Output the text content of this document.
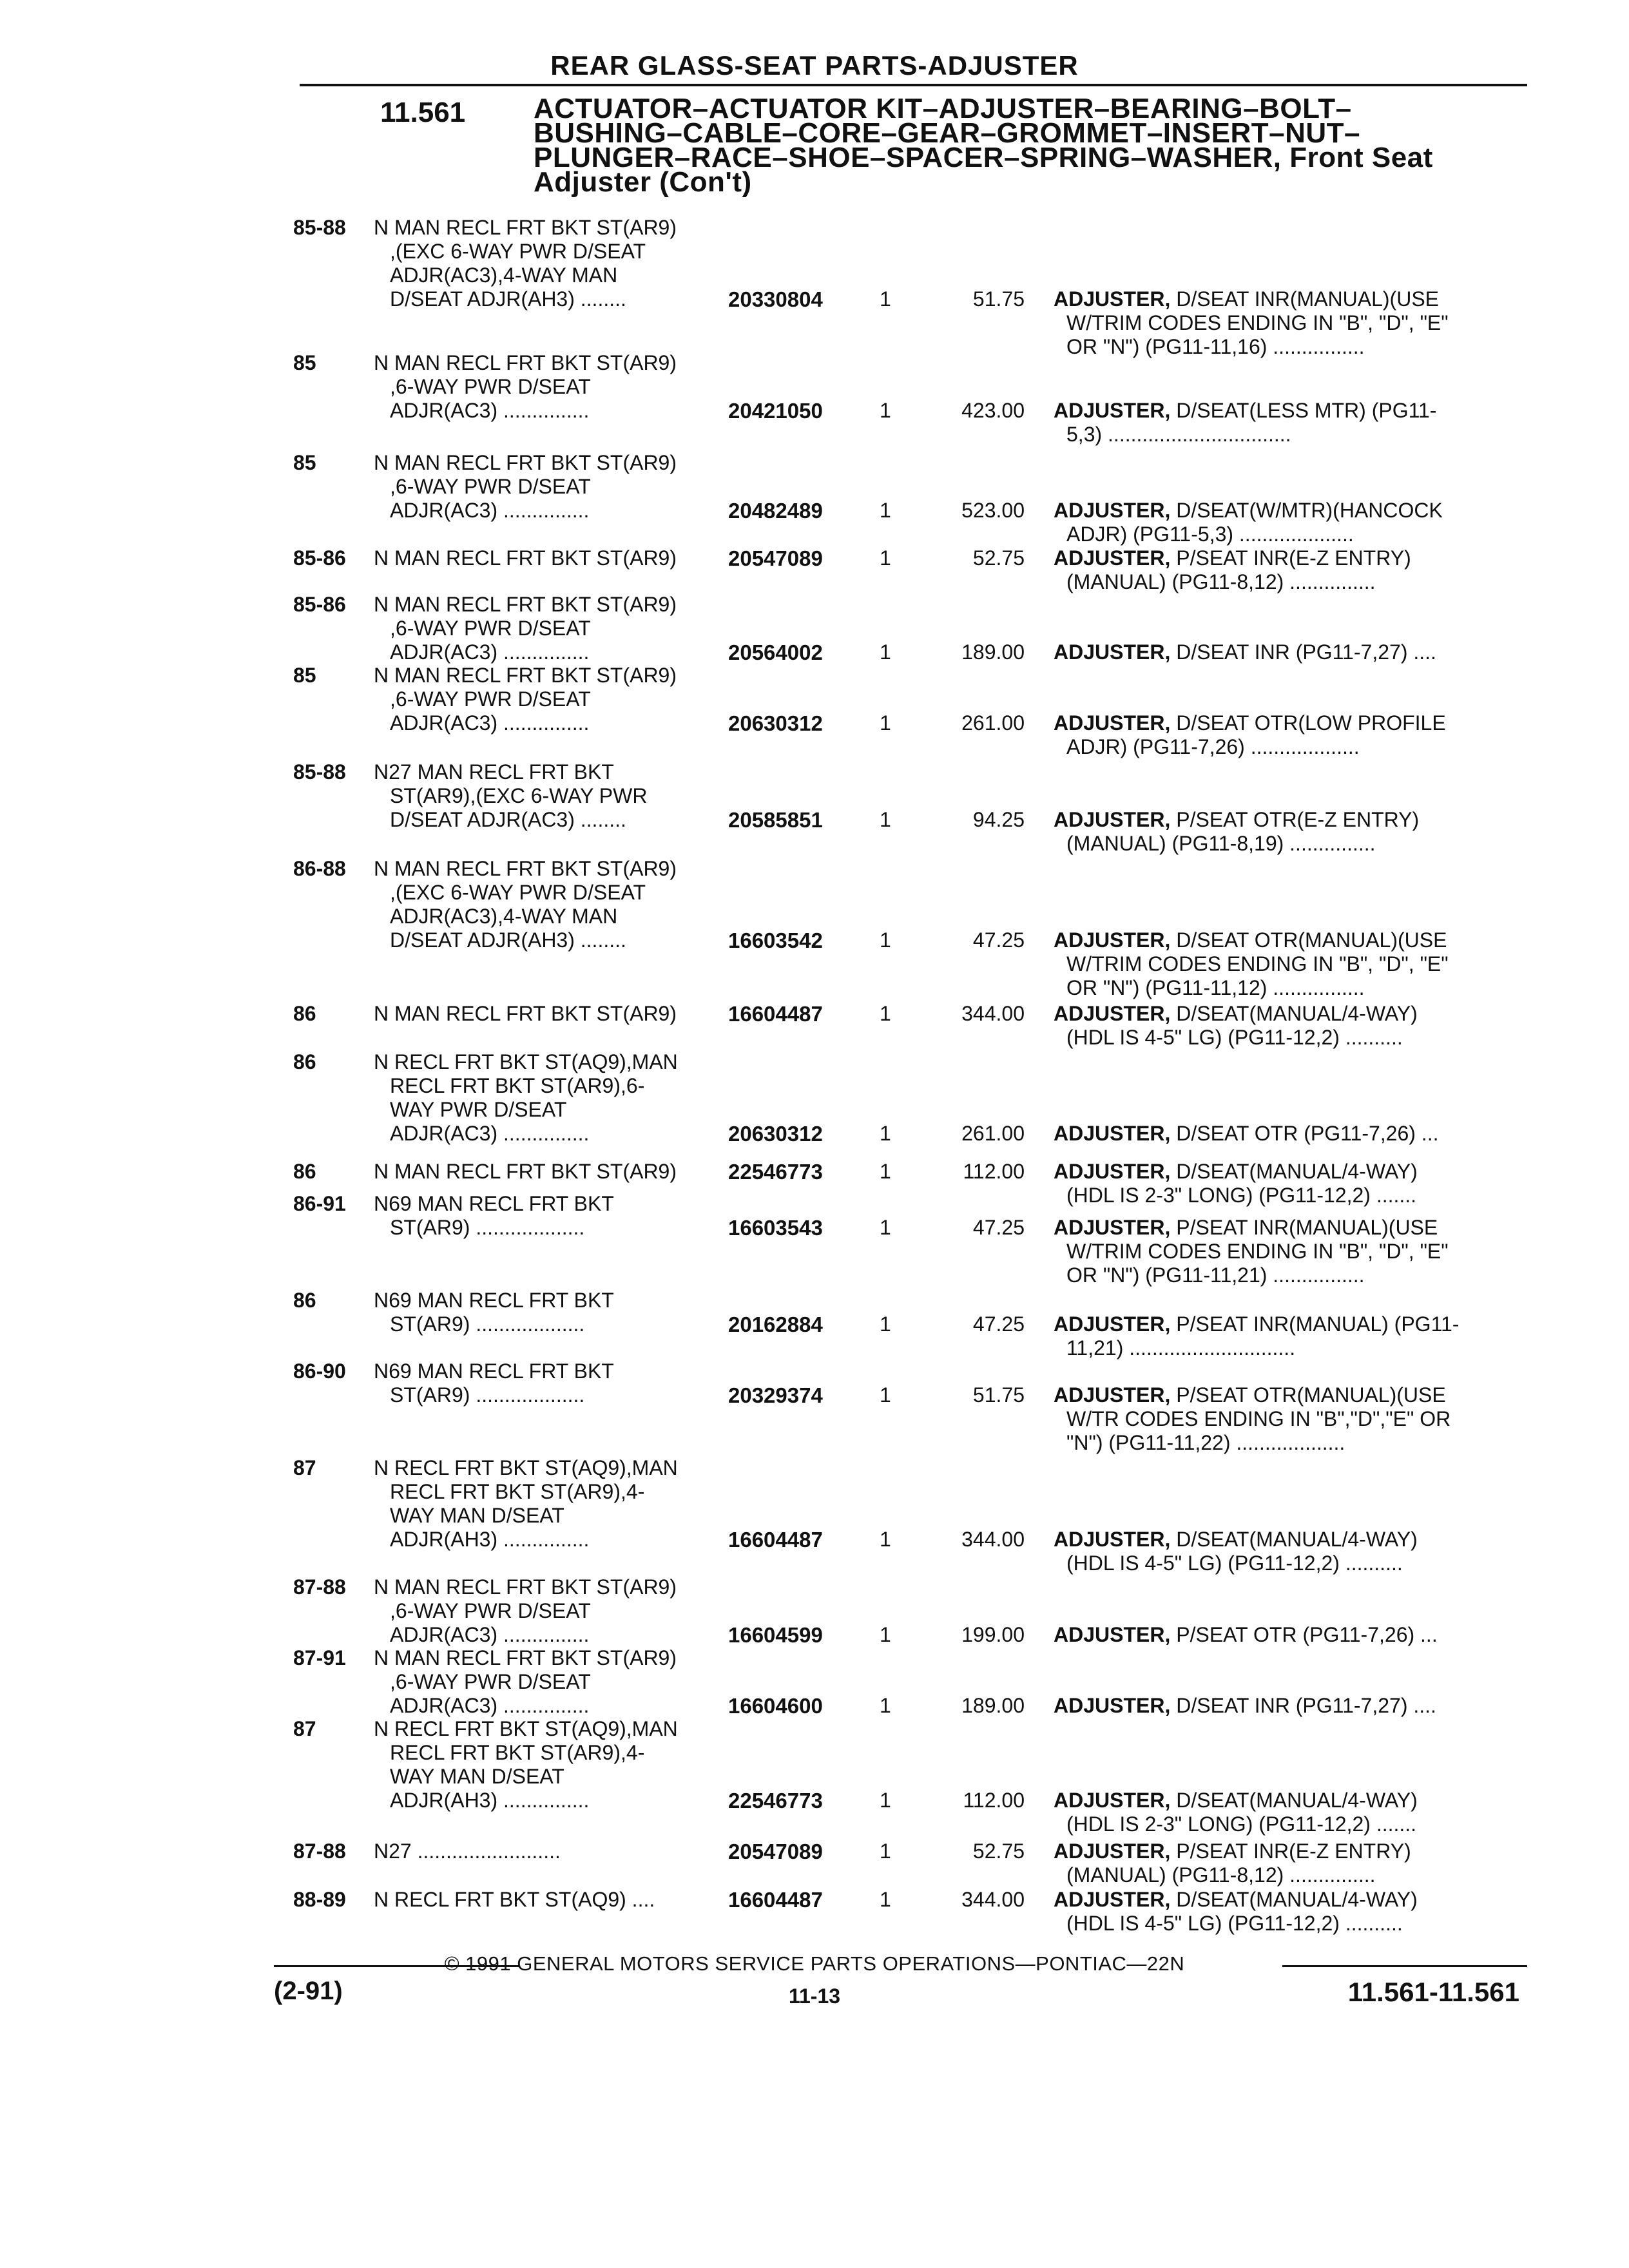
REAR GLASS-SEAT PARTS-ADJUSTER
11.561 ACTUATOR–ACTUATOR KIT–ADJUSTER–BEARING–BOLT–
BUSHING–CABLE–CORE–GEAR–GROMMET–INSERT–NUT–
PLUNGER–RACE–SHOE–SPACER–SPRING–WASHER, Front Seat
Adjuster (Con't)
85-88 N MAN RECL FRT BKT ST(AR9)
,(EXC 6-WAY PWR D/SEAT
ADJR(AC3),4-WAY MAN
D/SEAT ADJR(AH3) ........	20330804	1	51.75 ADJUSTER, D/SEAT INR(MANUAL)(USE
W/TRIM CODES ENDING IN "B", "D", "E"
OR "N") (PG11-11,16) ................
85	N MAN RECL FRT BKT ST(AR9)
,6-WAY PWR D/SEAT
ADJR(AC3) ...............	20421050	1	423.00 ADJUSTER, D/SEAT(LESS MTR) (PG11-
5,3) ................................
85	N MAN RECL FRT BKT ST(AR9)
,6-WAY PWR D/SEAT
ADJR(AC3) ...............	20482489	1	523.00 ADJUSTER, D/SEAT(W/MTR)(HANCOCK
ADJR) (PG11-5,3) ....................
85-86 N MAN RECL FRT BKT ST(AR9)	20547089	1	52.75 ADJUSTER, P/SEAT INR(E-Z ENTRY)
(MANUAL) (PG11-8,12) ...............
85-86 N MAN RECL FRT BKT ST(AR9)
,6-WAY PWR D/SEAT
ADJR(AC3) ...............	20564002	1	189.00 ADJUSTER, D/SEAT INR (PG11-7,27) ....
85	N MAN RECL FRT BKT ST(AR9)
,6-WAY PWR D/SEAT
ADJR(AC3) ...............	20630312	1	261.00 ADJUSTER, D/SEAT OTR(LOW PROFILE
ADJR) (PG11-7,26) ...................
85-88 N27 MAN RECL FRT BKT
ST(AR9),(EXC 6-WAY PWR
D/SEAT ADJR(AC3) ........	20585851	1	94.25 ADJUSTER, P/SEAT OTR(E-Z ENTRY)
(MANUAL) (PG11-8,19) ...............
86-88 N MAN RECL FRT BKT ST(AR9)
,(EXC 6-WAY PWR D/SEAT
ADJR(AC3),4-WAY MAN
D/SEAT ADJR(AH3) ........	16603542	1	47.25 ADJUSTER, D/SEAT OTR(MANUAL)(USE
W/TRIM CODES ENDING IN "B", "D", "E"
OR "N") (PG11-11,12) ................
86	N MAN RECL FRT BKT ST(AR9)	16604487	1	344.00 ADJUSTER, D/SEAT(MANUAL/4-WAY)
(HDL IS 4-5" LG) (PG11-12,2) ..........
86	N RECL FRT BKT ST(AQ9),MAN
RECL FRT BKT ST(AR9),6-
WAY PWR D/SEAT
ADJR(AC3) ...............	20630312	1	261.00 ADJUSTER, D/SEAT OTR (PG11-7,26) ...
86	N MAN RECL FRT BKT ST(AR9)	22546773	1	112.00 ADJUSTER, D/SEAT(MANUAL/4-WAY)
(HDL IS 2-3" LONG) (PG11-12,2) .......
86-91 N69 MAN RECL FRT BKT
ST(AR9) ...................	16603543	1	47.25 ADJUSTER, P/SEAT INR(MANUAL)(USE
W/TRIM CODES ENDING IN "B", "D", "E"
OR "N") (PG11-11,21) ................
86	N69 MAN RECL FRT BKT
ST(AR9) ...................	20162884	1	47.25 ADJUSTER, P/SEAT INR(MANUAL) (PG11-
11,21) .............................
86-90 N69 MAN RECL FRT BKT
ST(AR9) ...................	20329374	1	51.75 ADJUSTER, P/SEAT OTR(MANUAL)(USE
W/TR CODES ENDING IN "B","D","E" OR
"N") (PG11-11,22) ...................
87	N RECL FRT BKT ST(AQ9),MAN
RECL FRT BKT ST(AR9),4-
WAY MAN D/SEAT
ADJR(AH3) ...............	16604487	1	344.00 ADJUSTER, D/SEAT(MANUAL/4-WAY)
(HDL IS 4-5" LG) (PG11-12,2) ..........
87-88 N MAN RECL FRT BKT ST(AR9)
,6-WAY PWR D/SEAT
ADJR(AC3) ...............	16604599	1	199.00 ADJUSTER, P/SEAT OTR (PG11-7,26) ...
87-91 N MAN RECL FRT BKT ST(AR9)
,6-WAY PWR D/SEAT
ADJR(AC3) ...............	16604600	1	189.00 ADJUSTER, D/SEAT INR (PG11-7,27) ....
87	N RECL FRT BKT ST(AQ9),MAN
RECL FRT BKT ST(AR9),4-
WAY MAN D/SEAT
ADJR(AH3) ...............	22546773	1	112.00 ADJUSTER, D/SEAT(MANUAL/4-WAY)
(HDL IS 2-3" LONG) (PG11-12,2) .......
87-88 N27 .........................	20547089	1	52.75 ADJUSTER, P/SEAT INR(E-Z ENTRY)
(MANUAL) (PG11-8,12) ...............
88-89 N RECL FRT BKT ST(AQ9) ....	16604487	1	344.00 ADJUSTER, D/SEAT(MANUAL/4-WAY)
(HDL IS 4-5" LG) (PG11-12,2) ..........
© 1991 GENERAL MOTORS SERVICE PARTS OPERATIONS—PONTIAC—22N
(2-91)	11-13	11.561-11.561
